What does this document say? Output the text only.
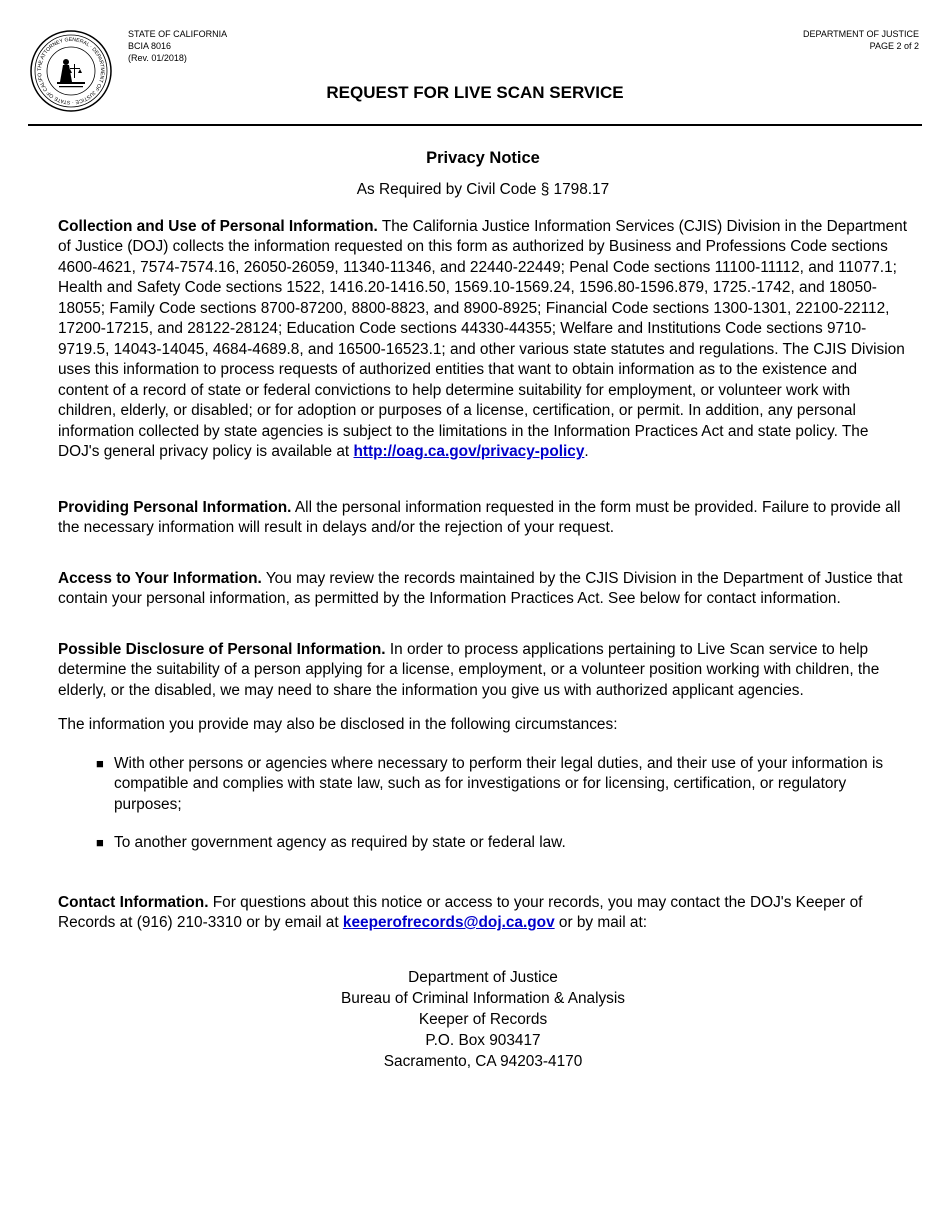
THE ATTORNEY GENERAL · DEPARTMENT OF JUSTICE · STATE OF CALIFO
STATE OF CALIFORNIA
BCIA 8016
(Rev. 01/2018)
DEPARTMENT OF JUSTICE
PAGE 2 of 2
REQUEST FOR LIVE SCAN SERVICE

Privacy Notice

As Required by Civil Code § 1798.17

Collection and Use of Personal Information. The California Justice Information Services (CJIS) Division in the Department of Justice (DOJ) collects the information requested on this form as authorized by Business and Professions Code sections 4600-4621, 7574-7574.16, 26050-26059, 11340-11346, and 22440-22449; Penal Code sections 11100-11112, and 11077.1; Health and Safety Code sections 1522, 1416.20-1416.50, 1569.10-1569.24, 1596.80-1596.879, 1725.-1742, and 18050-18055; Family Code sections 8700-87200, 8800-8823, and 8900-8925; Financial Code sections 1300-1301, 22100-22112, 17200-17215, and 28122-28124; Education Code sections 44330-44355; Welfare and Institutions Code sections 9710-9719.5, 14043-14045, 4684-4689.8, and 16500-16523.1; and other various state statutes and regulations. The CJIS Division uses this information to process requests of authorized entities that want to obtain information as to the existence and content of a record of state or federal convictions to help determine suitability for employment, or volunteer work with children, elderly, or disabled; or for adoption or purposes of a license, certification, or permit. In addition, any personal information collected by state agencies is subject to the limitations in the Information Practices Act and state policy. The DOJ's general privacy policy is available at http://oag.ca.gov/privacy-policy.

Providing Personal Information. All the personal information requested in the form must be provided. Failure to provide all the necessary information will result in delays and/or the rejection of your request.

Access to Your Information. You may review the records maintained by the CJIS Division in the Department of Justice that contain your personal information, as permitted by the Information Practices Act. See below for contact information.

Possible Disclosure of Personal Information. In order to process applications pertaining to Live Scan service to help determine the suitability of a person applying for a license, employment, or a volunteer position working with children, the elderly, or the disabled, we may need to share the information you give us with authorized applicant agencies.

The information you provide may also be disclosed in the following circumstances:

■ With other persons or agencies where necessary to perform their legal duties, and their use of your information is compatible and complies with state law, such as for investigations or for licensing, certification, or regulatory purposes;
■ To another government agency as required by state or federal law.

Contact Information. For questions about this notice or access to your records, you may contact the DOJ's Keeper of Records at (916) 210-3310 or by email at keeperofrecords@doj.ca.gov or by mail at:

Department of Justice
Bureau of Criminal Information & Analysis
Keeper of Records
P.O. Box 903417
Sacramento, CA 94203-4170
